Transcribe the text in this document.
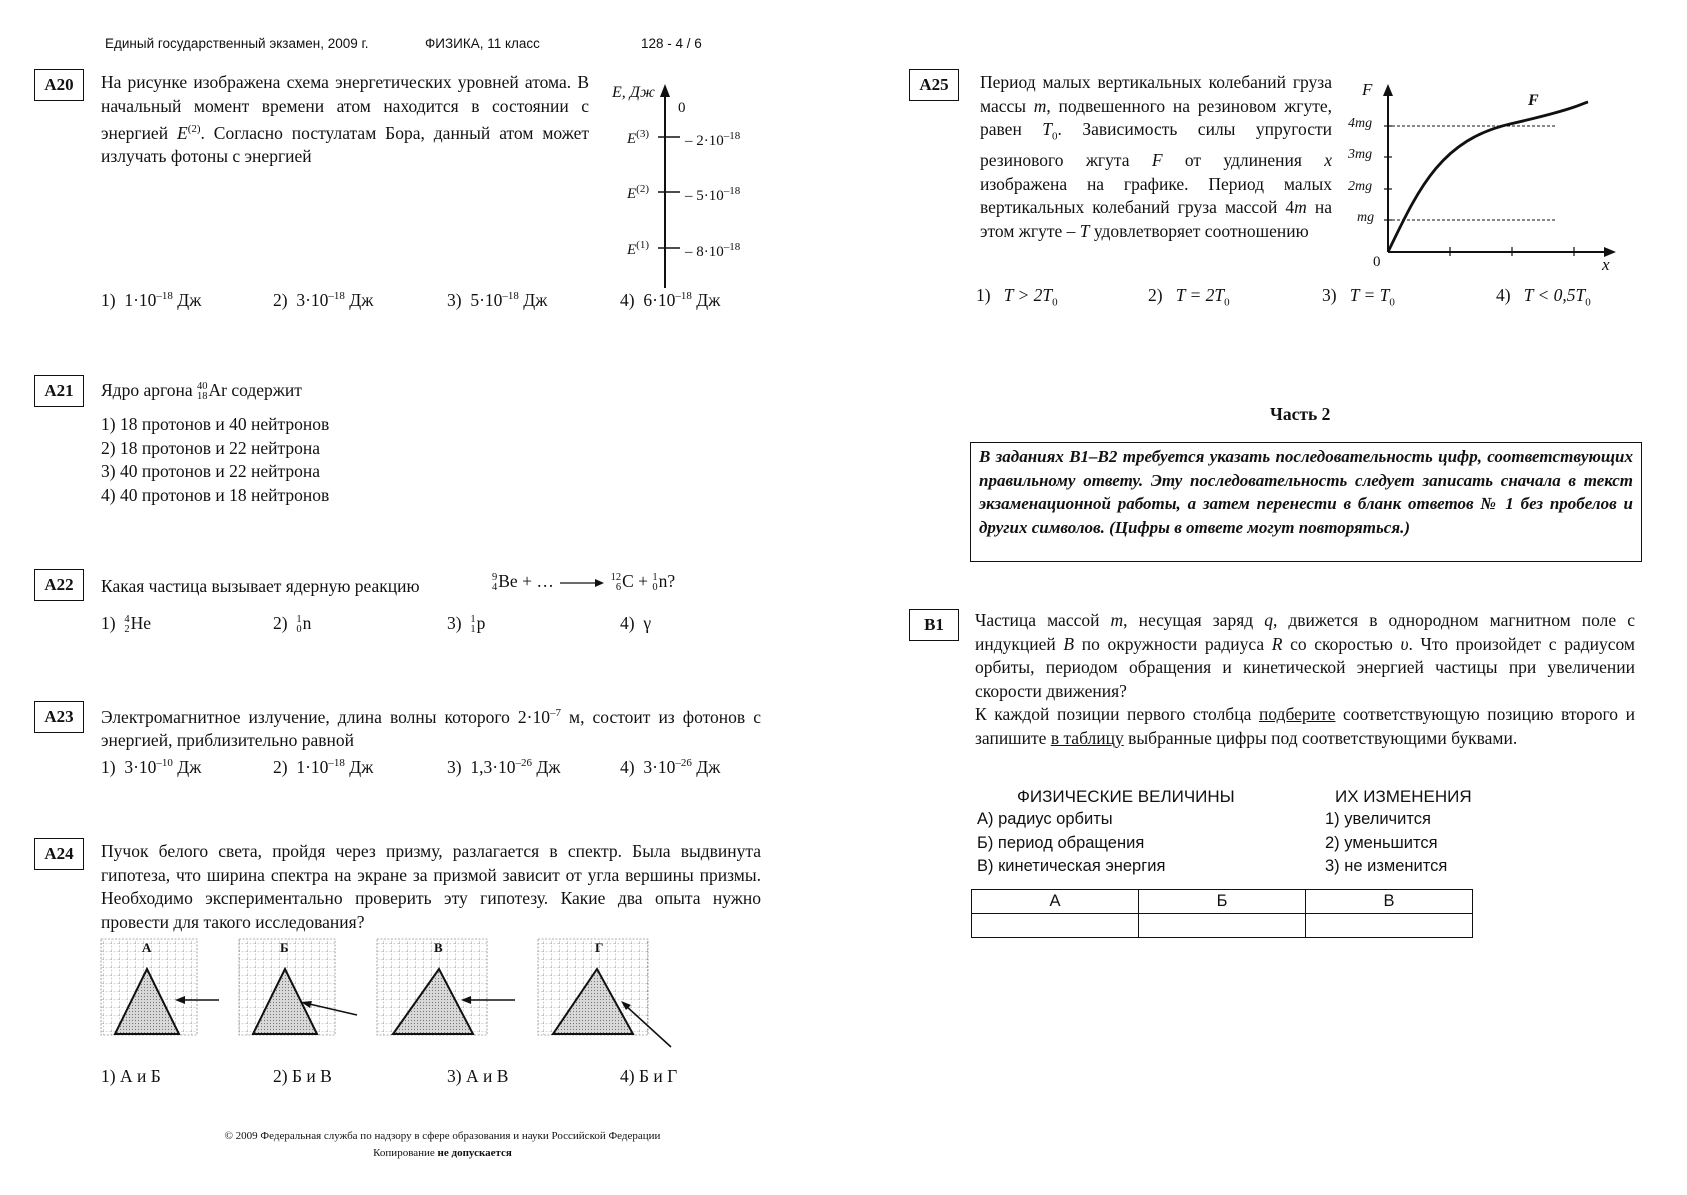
Единый государственный экзамен, 2009 г.	ФИЗИКА, 11 класс	128 - 4 / 6
А20	На рисунке изображена схема энергетических уровней атома. В начальный момент времени атом находится в состоянии с энергией $E^{(2)}$. Согласно постулатам Бора, данный атом может излучать фотоны с энергией
E, Дж
0
$E^{(3)} - 2\cdot 10^{-18}$
$E^{(2)} - 5\cdot 10^{-18}$
$E^{(1)} - 8\cdot 10^{-18}$
1) $1\cdot 10^{-18}$ Дж	2) $3\cdot 10^{-18}$ Дж	3) $5\cdot 10^{-18}$ Дж	4) $6\cdot 10^{-18}$ Дж
А21	Ядро аргона 40
18 Ar содержит
1) 18 протонов и 40 нейтронов
2) 18 протонов и 22 нейтрона
3) 40 протонов и 22 нейтрона
4) 40 протонов и 18 нейтронов
А22	Какая частица вызывает ядерную реакцию	9
4 Be + … → 12
6 C + 1
0 n?
1) 4
2 He	2) 1
0 n	3) 1
1 p	4) γ
А23	Электромагнитное излучение, длина волны которого $2\cdot 10^{-7}$ м, состоит из фотонов с энергией, приблизительно равной
1) $3\cdot 10^{-10}$ Дж	2) $1\cdot 10^{-18}$ Дж	3) $1,3\cdot 10^{-26}$ Дж	4) $3\cdot 10^{-26}$ Дж
А24	Пучок белого света, пройдя через призму, разлагается в спектр. Была выдвинута гипотеза, что ширина спектра на экране за призмой зависит от угла вершины призмы. Необходимо экспериментально проверить эту гипотезу. Какие два опыта нужно провести для такого исследования?
А	Б	В	Г
1) А и Б	2) Б и В	3) А и В	4) Б и Г
© 2009 Федеральная служба по надзору в сфере образования и науки Российской Федерации
Копирование не допускается
А25	Период малых вертикальных колебаний груза массы m, подвешенного на резиновом жгуте, равен $T_0$. Зависимость силы упругости резинового жгута F от удлинения x изображена на графике. Период малых вертикальных колебаний груза массой 4m на этом жгуте – T удовлетворяет соотношению
F
x
0
F
4mg
3mg
2mg
mg
1) $T > 2T_0$	2) $T = 2T_0$	3) $T = T_0$	4) $T < 0,5T_0$
Часть 2
В заданиях В1–В2 требуется указать последовательность цифр, соответствующих правильному ответу. Эту последовательность следует записать сначала в текст экзаменационной работы, а затем перенести в бланк ответов № 1 без пробелов и других символов. (Цифры в ответе могут повторяться.)
В1	Частица массой m, несущая заряд q, движется в однородном магнитном поле с индукцией B по окружности радиуса R со скоростью υ. Что произойдет с радиусом орбиты, периодом обращения и кинетической энергией частицы при увеличении скорости движения?
К каждой позиции первого столбца подберите соответствующую позицию второго и запишите в таблицу выбранные цифры под соответствующими буквами.
ФИЗИЧЕСКИЕ ВЕЛИЧИНЫ	ИХ ИЗМЕНЕНИЯ
А) радиус орбиты
Б) период обращения
В) кинетическая энергия
1) увеличится
2) уменьшится
3) не изменится
А	Б	В
